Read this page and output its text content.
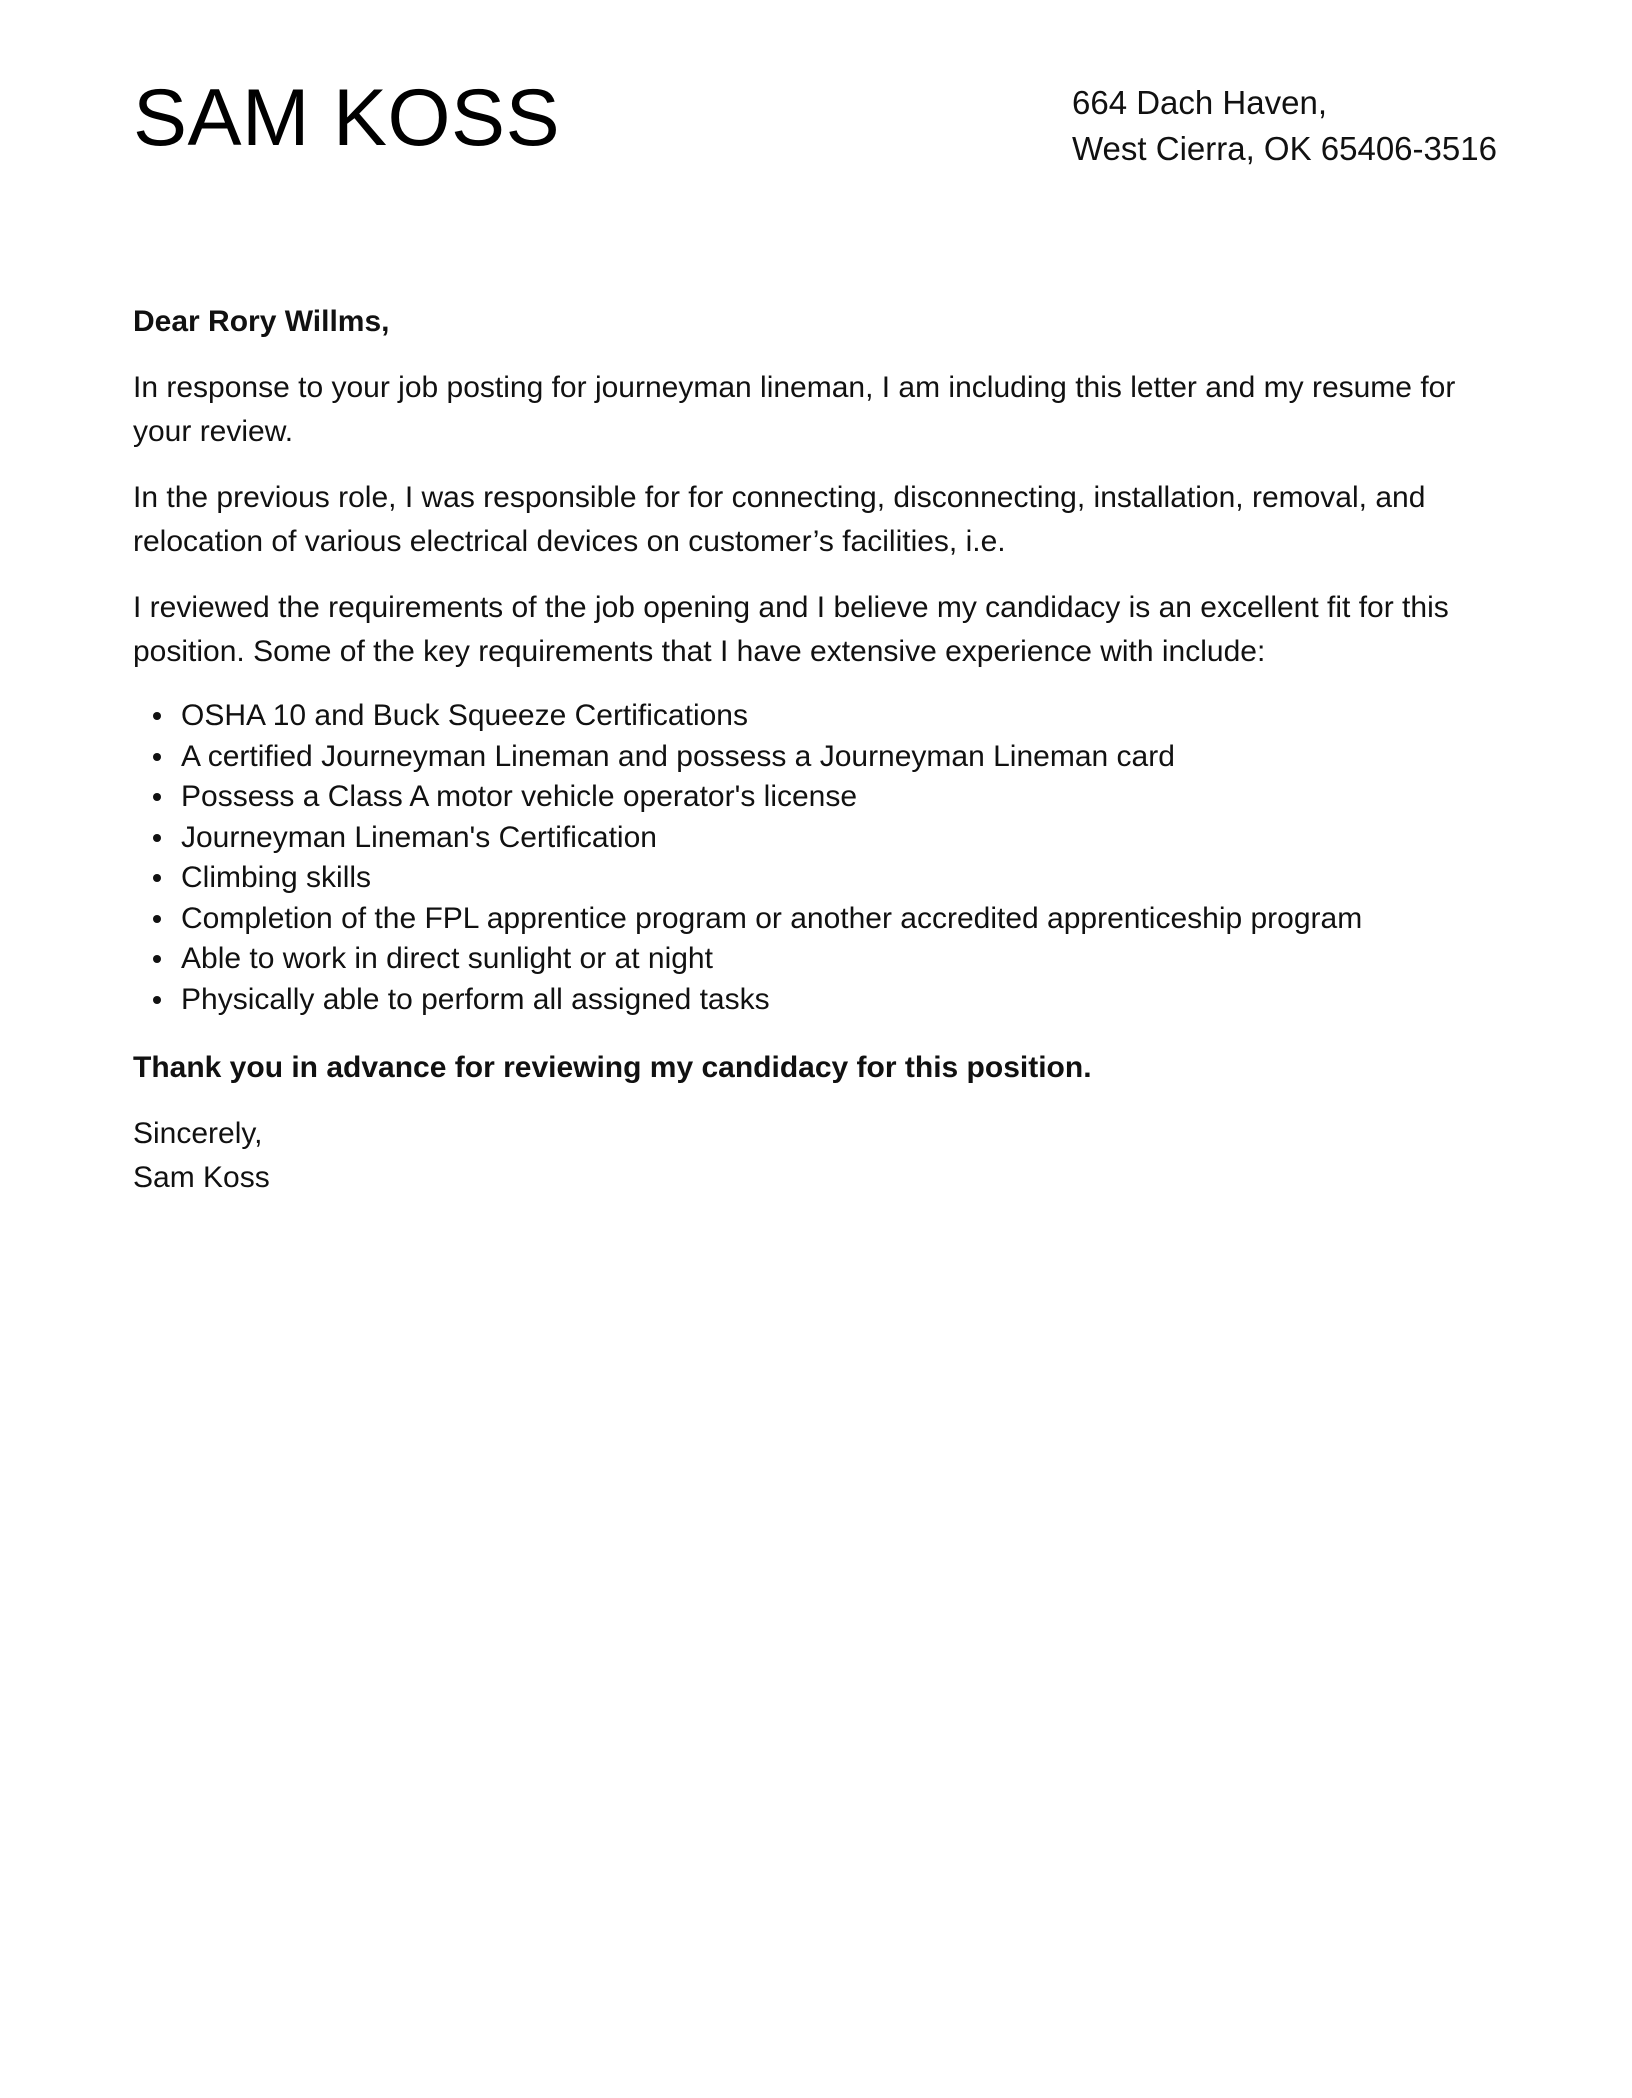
SAM KOSS	664 Dach Haven,
West Cierra, OK 65406-3516

Dear Rory Willms,

In response to your job posting for journeyman lineman, I am including this letter and my resume for your review.

In the previous role, I was responsible for for connecting, disconnecting, installation, removal, and relocation of various electrical devices on customer’s facilities, i.e.

I reviewed the requirements of the job opening and I believe my candidacy is an excellent fit for this position. Some of the key requirements that I have extensive experience with include:

OSHA 10 and Buck Squeeze Certifications
A certified Journeyman Lineman and possess a Journeyman Lineman card
Possess a Class A motor vehicle operator's license
Journeyman Lineman's Certification
Climbing skills
Completion of the FPL apprentice program or another accredited apprenticeship program
Able to work in direct sunlight or at night
Physically able to perform all assigned tasks

Thank you in advance for reviewing my candidacy for this position.

Sincerely,

Sam Koss
